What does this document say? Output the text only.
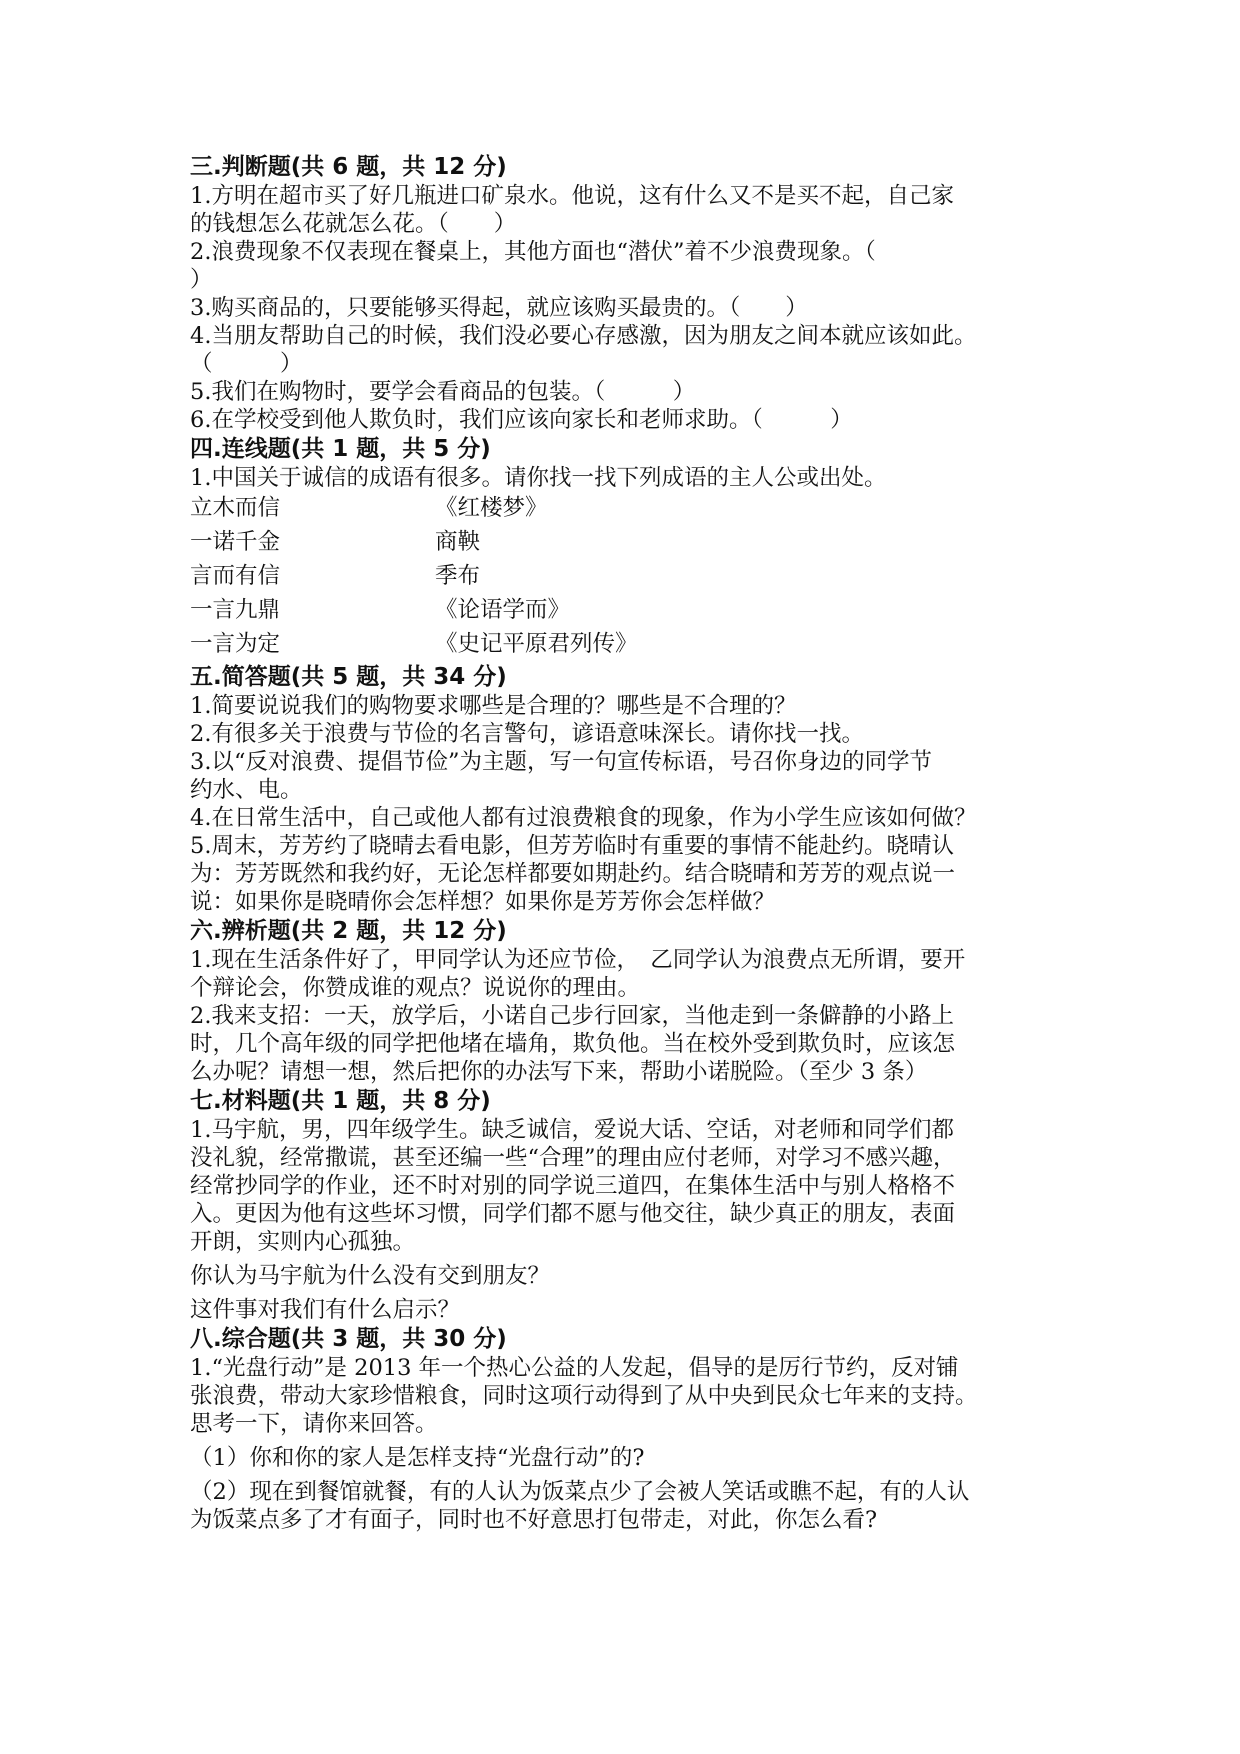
三.判断题(共 6 题，共 12 分)

1.方明在超市买了好几瓶进口矿泉水。他说，这有什么又不是买不起，自己家

的钱想怎么花就怎么花。（　　）

2.浪费现象不仅表现在餐桌上，其他方面也“潜伏”着不少浪费现象。（

）

3.购买商品的，只要能够买得起，就应该购买最贵的。（　　）

4.当朋友帮助自己的时候，我们没必要心存感激，因为朋友之间本就应该如此。

（　　　）

5.我们在购物时，要学会看商品的包装。（　　　）

6.在学校受到他人欺负时，我们应该向家长和老师求助。（　　　）

四.连线题(共 1 题，共 5 分)

1.中国关于诚信的成语有很多。请你找一找下列成语的主人公或出处。

立木而信	《红楼梦》
一诺千金	商鞅
言而有信	季布
一言九鼎	《论语学而》
一言为定	《史记平原君列传》

五.简答题(共 5 题，共 34 分)

1.简要说说我们的购物要求哪些是合理的？哪些是不合理的？

2.有很多关于浪费与节俭的名言警句，谚语意味深长。请你找一找。

3.以“反对浪费、提倡节俭”为主题，写一句宣传标语，号召你身边的同学节

约水、电。

4.在日常生活中，自己或他人都有过浪费粮食的现象，作为小学生应该如何做？

5.周末，芳芳约了晓晴去看电影，但芳芳临时有重要的事情不能赴约。晓晴认

为：芳芳既然和我约好，无论怎样都要如期赴约。结合晓晴和芳芳的观点说一

说：如果你是晓晴你会怎样想？如果你是芳芳你会怎样做？

六.辨析题(共 2 题，共 12 分)

1.现在生活条件好了，甲同学认为还应节俭，　乙同学认为浪费点无所谓，要开

个辩论会，你赞成谁的观点？说说你的理由。

2.我来支招：一天，放学后，小诺自己步行回家，当他走到一条僻静的小路上

时，几个高年级的同学把他堵在墙角，欺负他。当在校外受到欺负时，应该怎

么办呢？请想一想，然后把你的办法写下来，帮助小诺脱险。（至少 3 条）

七.材料题(共 1 题，共 8 分)

1.马宇航，男，四年级学生。缺乏诚信，爱说大话、空话，对老师和同学们都

没礼貌，经常撒谎，甚至还编一些“合理”的理由应付老师，对学习不感兴趣，

经常抄同学的作业，还不时对别的同学说三道四，在集体生活中与别人格格不

入。更因为他有这些坏习惯，同学们都不愿与他交往，缺少真正的朋友，表面

开朗，实则内心孤独。

你认为马宇航为什么没有交到朋友？

这件事对我们有什么启示？

八.综合题(共 3 题，共 30 分)

1.“光盘行动”是 2013 年一个热心公益的人发起，倡导的是厉行节约，反对铺

张浪费，带动大家珍惜粮食，同时这项行动得到了从中央到民众七年来的支持。

思考一下，请你来回答。

（1）你和你的家人是怎样支持“光盘行动”的?

（2）现在到餐馆就餐，有的人认为饭菜点少了会被人笑话或瞧不起，有的人认

为饭菜点多了才有面子，同时也不好意思打包带走，对此，你怎么看?
